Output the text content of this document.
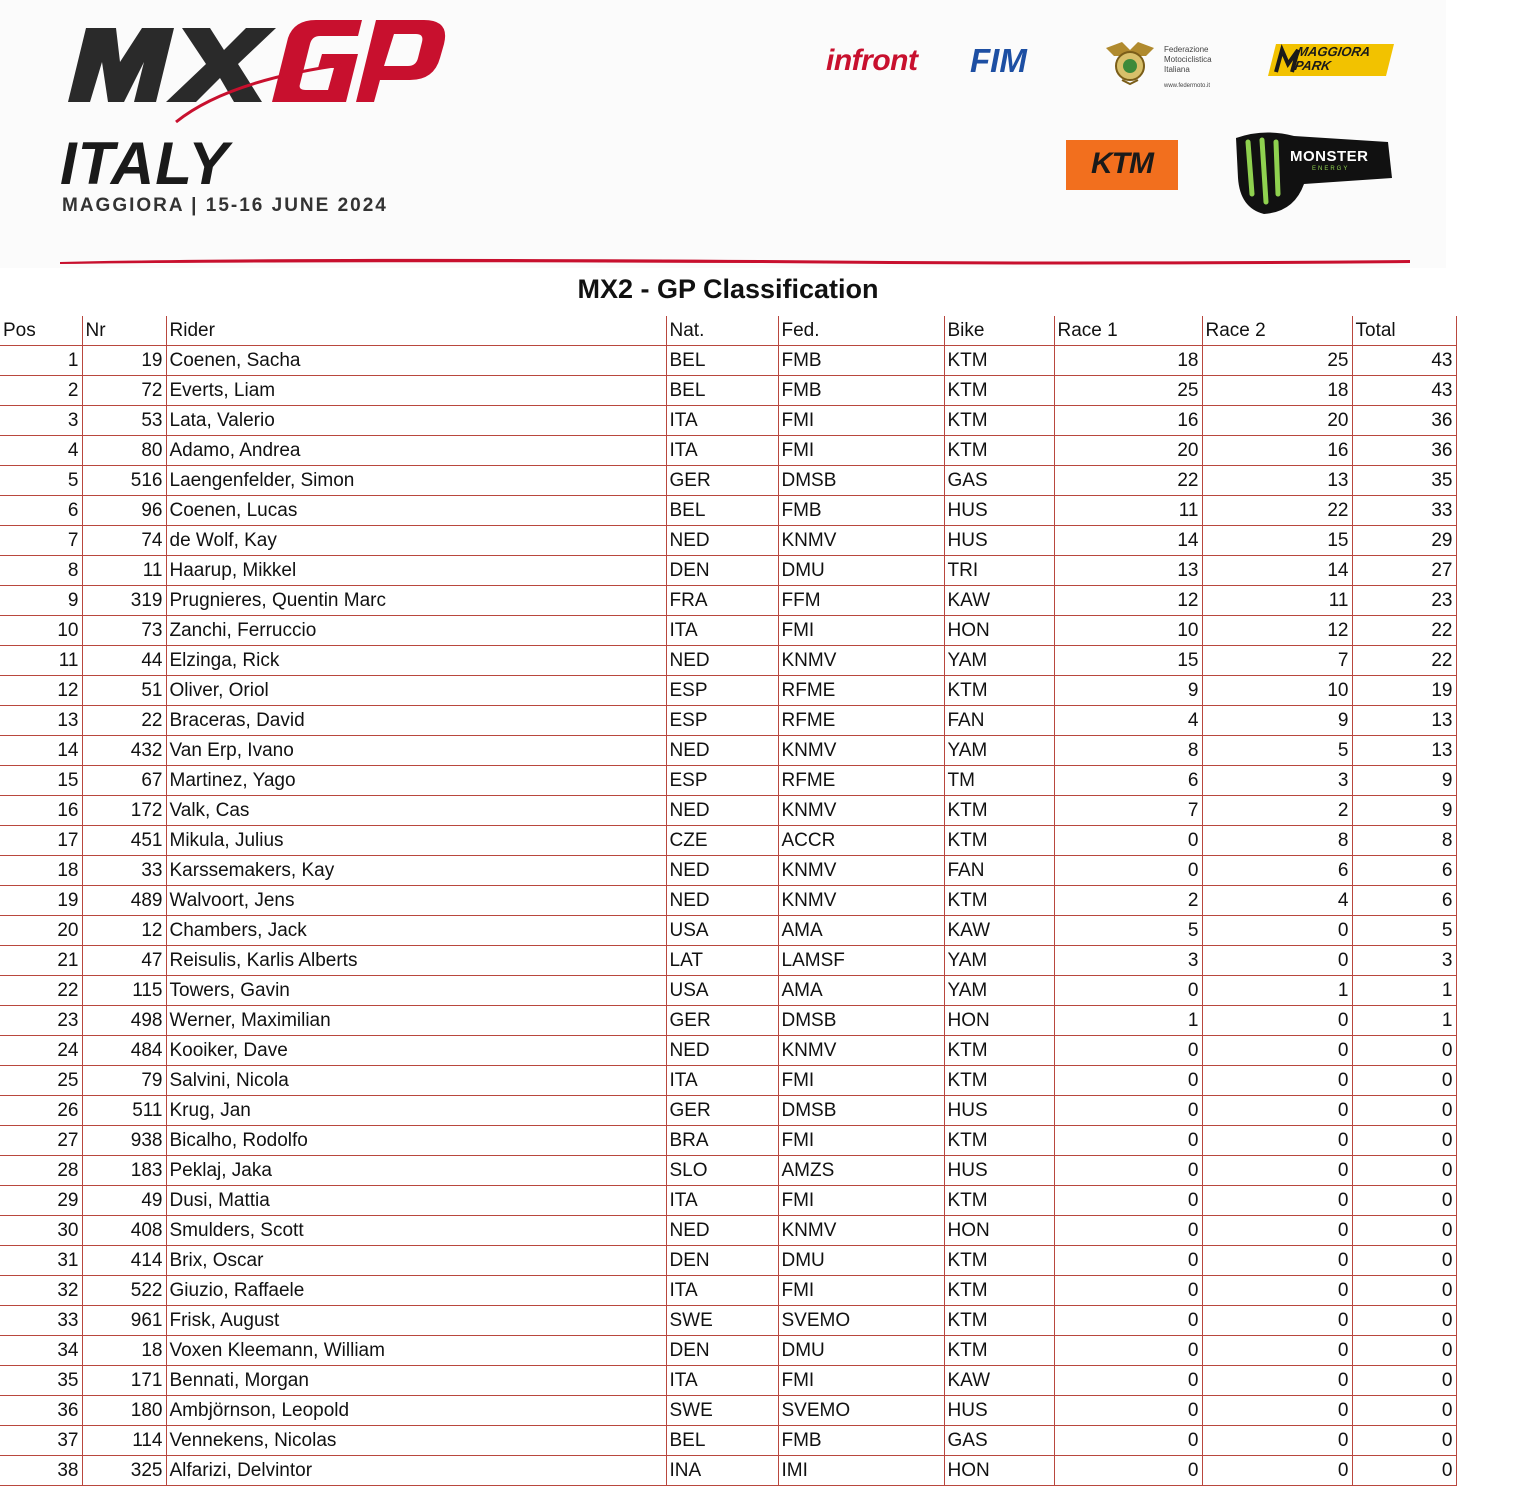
ITALY
MAGGIORA | 15-16 JUNE 2024
infront FIM	Federazione
Motociclistica
Italiana
www.federmoto.it
MAGGIORA
PARK
KTM	MONSTER
ENERGY
MX2 - GP Classification
Pos	Nr	Rider	Nat.	Fed.	Bike	Race 1	Race 2	Total
1	19	Coenen, Sacha	BEL	FMB	KTM	18	25	43
2	72	Everts, Liam	BEL	FMB	KTM	25	18	43
3	53	Lata, Valerio	ITA	FMI	KTM	16	20	36
4	80	Adamo, Andrea	ITA	FMI	KTM	20	16	36
5	516	Laengenfelder, Simon	GER	DMSB	GAS	22	13	35
6	96	Coenen, Lucas	BEL	FMB	HUS	11	22	33
7	74	de Wolf, Kay	NED	KNMV	HUS	14	15	29
8	11	Haarup, Mikkel	DEN	DMU	TRI	13	14	27
9	319	Prugnieres, Quentin Marc	FRA	FFM	KAW	12	11	23
10	73	Zanchi, Ferruccio	ITA	FMI	HON	10	12	22
11	44	Elzinga, Rick	NED	KNMV	YAM	15	7	22
12	51	Oliver, Oriol	ESP	RFME	KTM	9	10	19
13	22	Braceras, David	ESP	RFME	FAN	4	9	13
14	432	Van Erp, Ivano	NED	KNMV	YAM	8	5	13
15	67	Martinez, Yago	ESP	RFME	TM	6	3	9
16	172	Valk, Cas	NED	KNMV	KTM	7	2	9
17	451	Mikula, Julius	CZE	ACCR	KTM	0	8	8
18	33	Karssemakers, Kay	NED	KNMV	FAN	0	6	6
19	489	Walvoort, Jens	NED	KNMV	KTM	2	4	6
20	12	Chambers, Jack	USA	AMA	KAW	5	0	5
21	47	Reisulis, Karlis Alberts	LAT	LAMSF	YAM	3	0	3
22	115	Towers, Gavin	USA	AMA	YAM	0	1	1
23	498	Werner, Maximilian	GER	DMSB	HON	1	0	1
24	484	Kooiker, Dave	NED	KNMV	KTM	0	0	0
25	79	Salvini, Nicola	ITA	FMI	KTM	0	0	0
26	511	Krug, Jan	GER	DMSB	HUS	0	0	0
27	938	Bicalho, Rodolfo	BRA	FMI	KTM	0	0	0
28	183	Peklaj, Jaka	SLO	AMZS	HUS	0	0	0
29	49	Dusi, Mattia	ITA	FMI	KTM	0	0	0
30	408	Smulders, Scott	NED	KNMV	HON	0	0	0
31	414	Brix, Oscar	DEN	DMU	KTM	0	0	0
32	522	Giuzio, Raffaele	ITA	FMI	KTM	0	0	0
33	961	Frisk, August	SWE	SVEMO	KTM	0	0	0
34	18	Voxen Kleemann, William	DEN	DMU	KTM	0	0	0
35	171	Bennati, Morgan	ITA	FMI	KAW	0	0	0
36	180	Ambjörnson, Leopold	SWE	SVEMO	HUS	0	0	0
37	114	Vennekens, Nicolas	BEL	FMB	GAS	0	0	0
38	325	Alfarizi, Delvintor	INA	IMI	HON	0	0	0
